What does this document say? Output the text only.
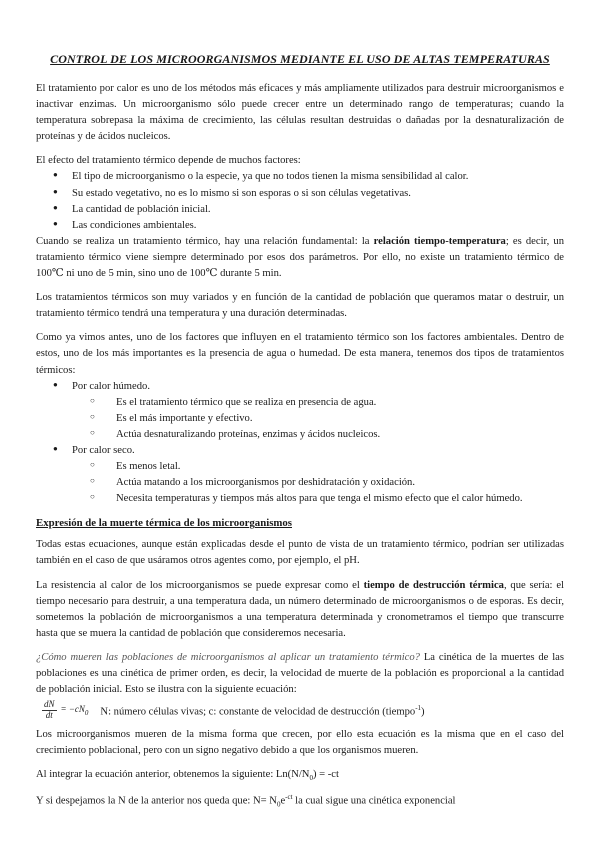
CONTROL DE LOS MICROORGANISMOS MEDIANTE EL USO DE ALTAS TEMPERATURAS

El tratamiento por calor es uno de los métodos más eficaces y más ampliamente utilizados para destruir microorganismos e inactivar enzimas. Un microorganismo sólo puede crecer entre un determinado rango de temperaturas; cuando la temperatura sobrepasa la máxima de crecimiento, las células resultan destruidas o dañadas por la desnaturalización de proteínas y de ácidos nucleicos.

El efecto del tratamiento térmico depende de muchos factores:

● El tipo de microorganismo o la especie, ya que no todos tienen la misma sensibilidad al calor.
● Su estado vegetativo, no es lo mismo si son esporas o si son células vegetativas.
● La cantidad de población inicial.
● Las condiciones ambientales.

Cuando se realiza un tratamiento térmico, hay una relación fundamental: la relación tiempo-temperatura; es decir, un tratamiento térmico viene siempre determinado por esos dos parámetros. Por ello, no existe un tratamiento térmico de 100℃ ni uno de 5 min, sino uno de 100℃ durante 5 min.

Los tratamientos térmicos son muy variados y en función de la cantidad de población que queramos matar o destruir, un tratamiento térmico tendrá una temperatura y una duración determinadas.

Como ya vimos antes, uno de los factores que influyen en el tratamiento térmico son los factores ambientales. Dentro de estos, uno de los más importantes es la presencia de agua o humedad. De esta manera, tenemos dos tipos de tratamientos térmicos:

● Por calor húmedo.
○ Es el tratamiento térmico que se realiza en presencia de agua.
○ Es el más importante y efectivo.
○ Actúa desnaturalizando proteínas, enzimas y ácidos nucleicos.
● Por calor seco.
○ Es menos letal.
○ Actúa matando a los microorganismos por deshidratación y oxidación.
○ Necesita temperaturas y tiempos más altos para que tenga el mismo efecto que el calor húmedo.
Expresión de la muerte térmica de los microorganismos

Todas estas ecuaciones, aunque están explicadas desde el punto de vista de un tratamiento térmico, podrían ser utilizadas también en el caso de que usáramos otros agentes como, por ejemplo, el pH.

La resistencia al calor de los microorganismos se puede expresar como el tiempo de destrucción térmica, que sería: el tiempo necesario para destruir, a una temperatura dada, un número determinado de microorganismos o de esporas. Es decir, sometemos la población de microorganismos a una temperatura determinada y cronometramos el tiempo que transcurre hasta que se muera la cantidad de población que consideremos necesaria.

¿Cómo mueren las poblaciones de microorganismos al aplicar un tratamiento térmico? La cinética de la muertes de las poblaciones es una cinética de primer orden, es decir, la velocidad de muerte de la población es proporcional a la cantidad de población inicial. Esto se ilustra con la siguiente ecuación:

$\frac{dN}{dt} = -cN_0$ N: número células vivas; c: constante de velocidad de destrucción (tiempo$^{-1}$)

Los microorganismos mueren de la misma forma que crecen, por ello esta ecuación es la misma que en el caso del crecimiento poblacional, pero con un signo negativo debido a que los organismos mueren.

Al integrar la ecuación anterior, obtenemos la siguiente: $Ln(N/N_0) = -ct$

Y si despejamos la N de la anterior nos queda que: $N= N_0e^{-ct}$ la cual sigue una cinética exponencial
